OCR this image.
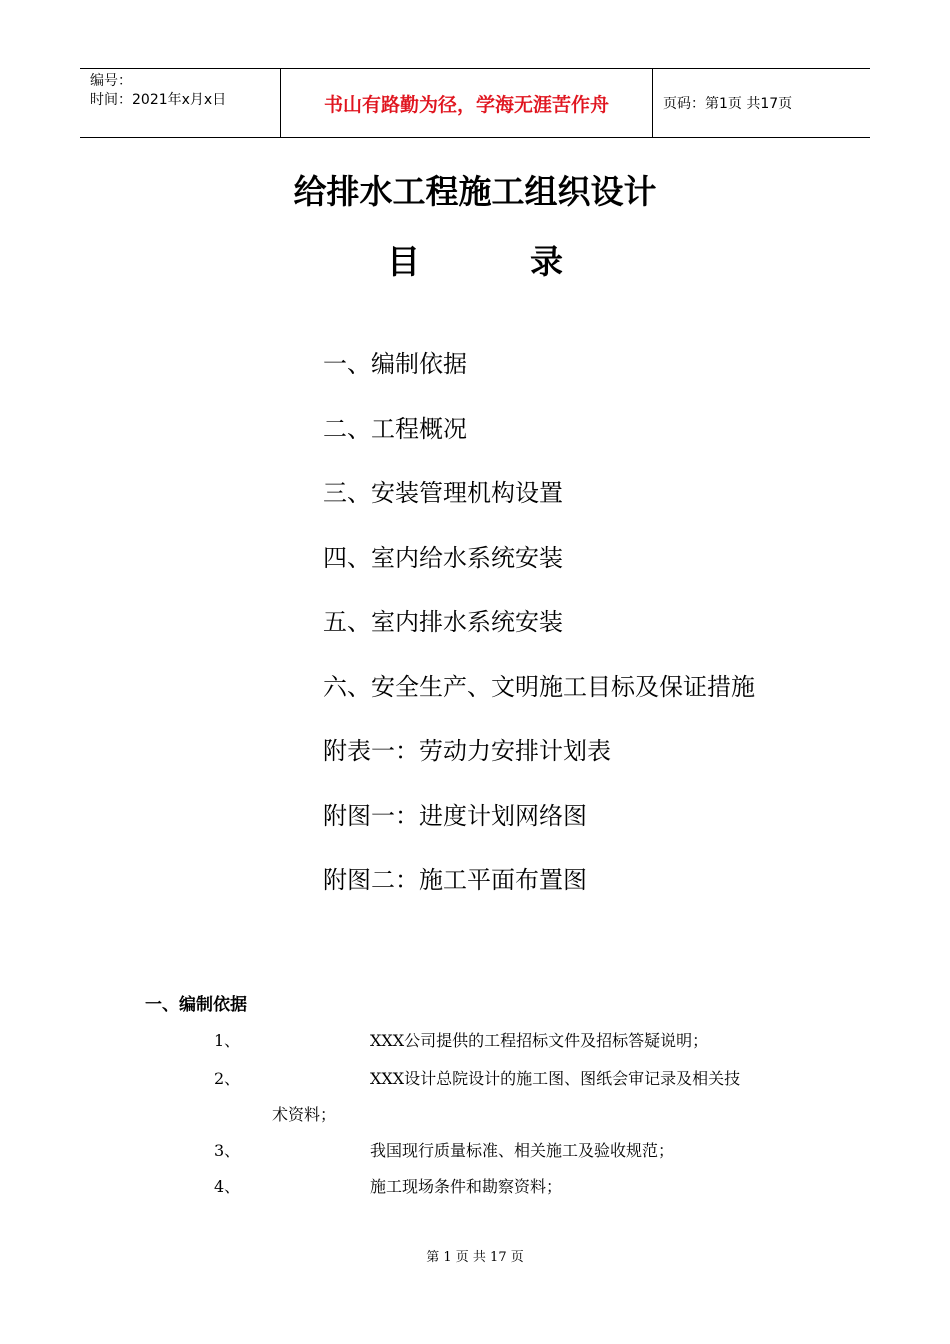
编号：
时间：2021年x月x日	书山有路勤为径，学海无涯苦作舟	页码：第1页 共17页
给排水工程施工组织设计
目	录
一、编制依据
二、工程概况
三、安装管理机构设置
四、室内给水系统安装
五、室内排水系统安装
六、安全生产、文明施工目标及保证措施
附表一：劳动力安排计划表
附图一：进度计划网络图
附图二：施工平面布置图
一、编制依据
1、	XXX公司提供的工程招标文件及招标答疑说明；
2、	XXX设计总院设计的施工图、图纸会审记录及相关技
术资料；
3、	我国现行质量标准、相关施工及验收规范；
4、	施工现场条件和勘察资料；
第 1 页 共 17 页
